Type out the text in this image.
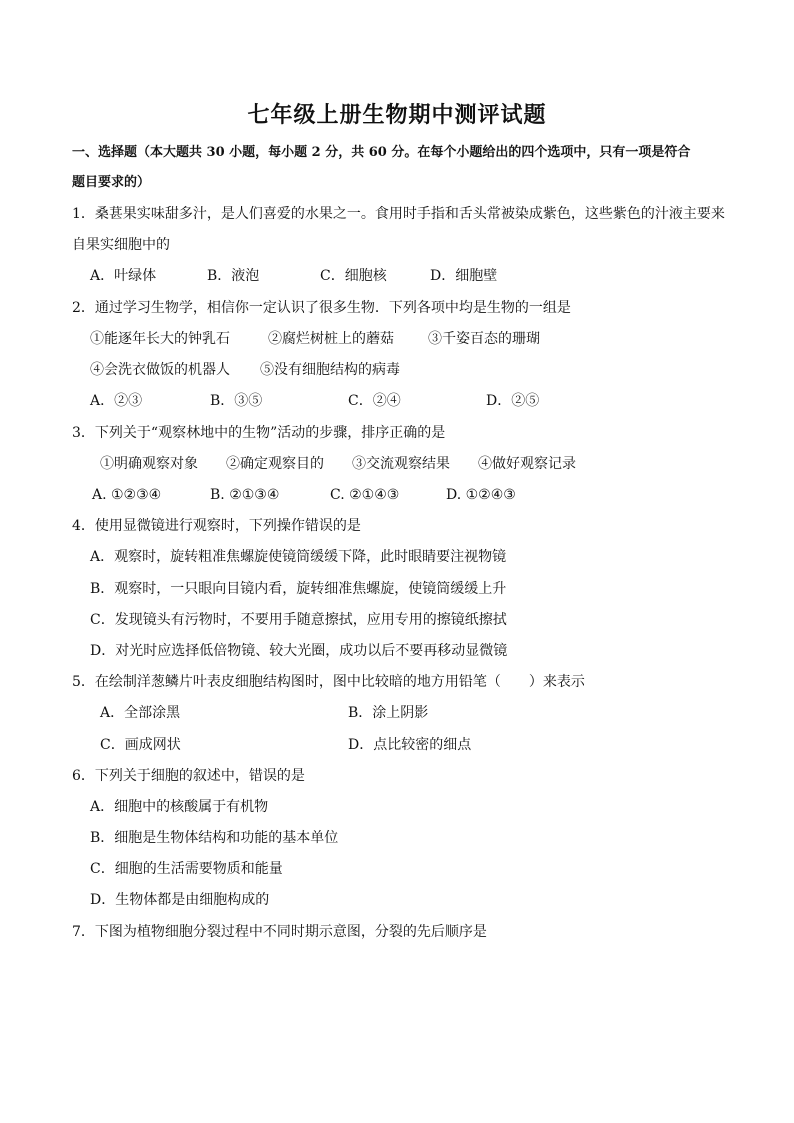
七年级上册生物期中测评试题
一、选择题（本大题共 30 小题，每小题 2 分，共 60 分。在每个小题给出的四个选项中，只有一项是符合
题目要求的）
1．桑葚果实味甜多汁，是人们喜爱的水果之一。食用时手指和舌头常被染成紫色，这些紫色的汁液主要来
自果实细胞中的
A．叶绿体	B．液泡	C．细胞核	D．细胞壁
2．通过学习生物学，相信你一定认识了很多生物．下列各项中均是生物的一组是
①能逐年长大的钟乳石	②腐烂树桩上的蘑菇 ③千姿百态的珊瑚
④会洗衣做饭的机器人 ⑤没有细胞结构的病毒
A．②③	B．③⑤	C．②④	D．②⑤
3．下列关于“观察林地中的生物”活动的步骤，排序正确的是
①明确观察对象 ②确定观察目的 ③交流观察结果 ④做好观察记录
A. ①②③④	B. ②①③④	C. ②①④③	D. ①②④③
4．使用显微镜进行观察时，下列操作错误的是
A．观察时，旋转粗准焦螺旋使镜筒缓缓下降，此时眼睛要注视物镜
B．观察时，一只眼向目镜内看，旋转细准焦螺旋，使镜筒缓缓上升
C．发现镜头有污物时，不要用手随意擦拭，应用专用的擦镜纸擦拭
D．对光时应选择低倍物镜、较大光圈，成功以后不要再移动显微镜
5．在绘制洋葱鳞片叶表皮细胞结构图时，图中比较暗的地方用铅笔（　　）来表示
A．全部涂黑	B．涂上阴影
C．画成网状	D．点比较密的细点
6．下列关于细胞的叙述中，错误的是
A．细胞中的核酸属于有机物
B．细胞是生物体结构和功能的基本单位
C．细胞的生活需要物质和能量
D．生物体都是由细胞构成的
7．下图为植物细胞分裂过程中不同时期示意图，分裂的先后顺序是
